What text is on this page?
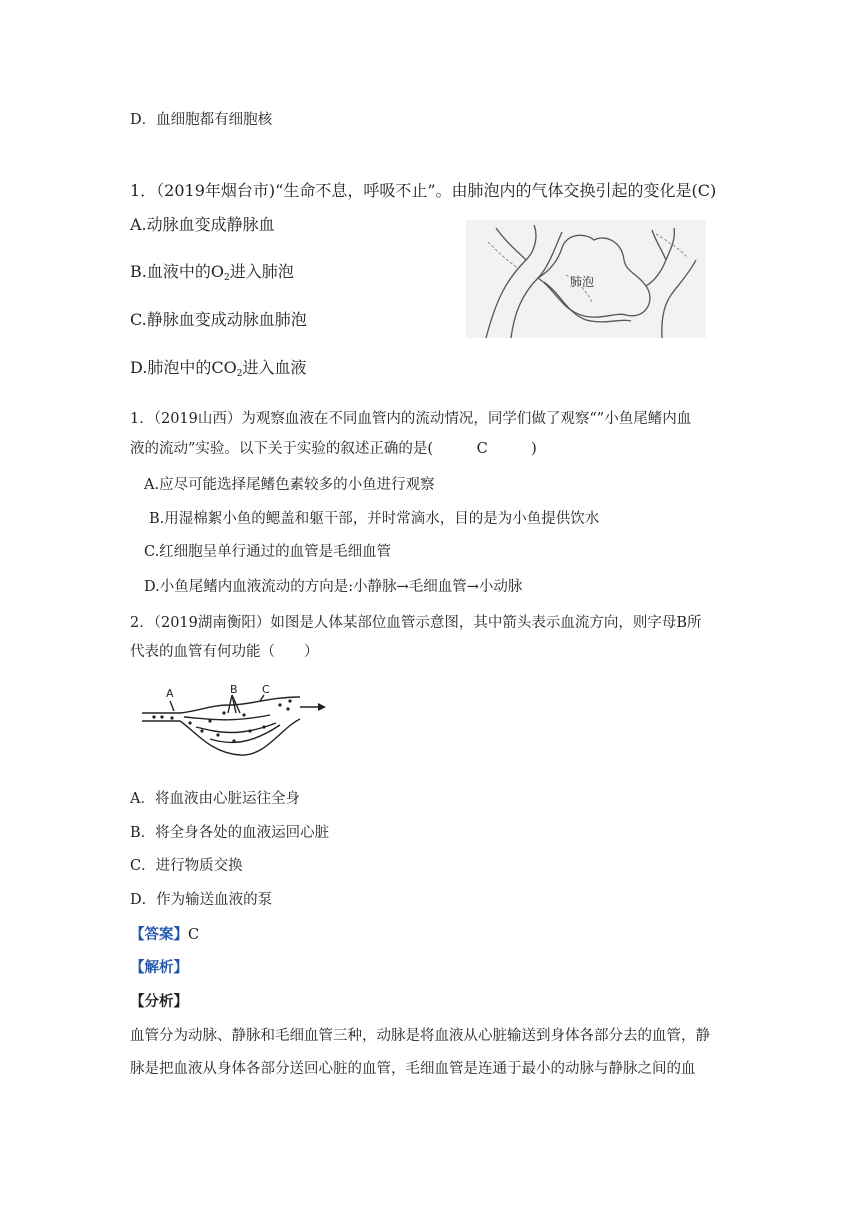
D．血细胞都有细胞核
1．（2019年烟台市)“生命不息，呼吸不止”。由肺泡内的气体交换引起的变化是(C)
A.动脉血变成静脉血
B.血液中的$O_2$进入肺泡
C.静脉血变成动脉血肺泡
D.肺泡中的$CO_2$进入血液
肺泡
1．（2019山西）为观察血液在不同血管内的流动情况，同学们做了观察“”小鱼尾鳍内血
液的流动”实验。以下关于实验的叙述正确的是(　　　C　　　)
A.应尽可能选择尾鳍色素较多的小鱼进行观察
B.用湿棉絮小鱼的鳃盖和躯干部，并时常滴水，目的是为小鱼提供饮水
C.红细胞呈单行通过的血管是毛细血管
D.小鱼尾鳍内血液流动的方向是:小静脉→毛细血管→小动脉
2．（2019湖南衡阳）如图是人体某部位血管示意图，其中箭头表示血流方向，则字母B所
代表的血管有何功能（　　）
A	B C
A．将血液由心脏运往全身
B．将全身各处的血液运回心脏
C．进行物质交换
D．作为输送血液的泵
【答案】C
【解析】
【分析】
血管分为动脉、静脉和毛细血管三种，动脉是将血液从心脏输送到身体各部分去的血管，静
脉是把血液从身体各部分送回心脏的血管，毛细血管是连通于最小的动脉与静脉之间的血
